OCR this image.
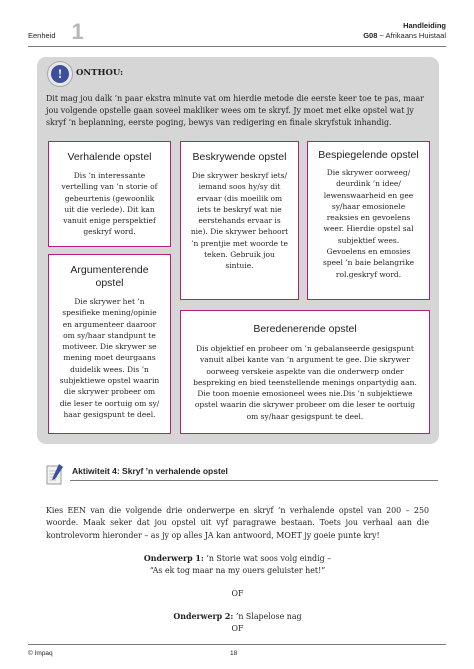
Eenheid 1	Handleiding
G08 ~ Afrikaans Huistaal
!	ONTHOU:
Dit mag jou dalk ’n paar ekstra minute vat om hierdie metode die eerste keer toe te pas, maar jou volgende opstelle gaan soveel makliker wees om te skryf. Jy moet met elke opstel wat jy skryf ’n beplanning, eerste poging, bewys van redigering en finale skryfstuk inhandig.
Verhalende opstel
Dis ’n interessante vertelling van ’n storie of gebeurtenis (gewoonlik uit die verlede). Dit kan vanuit enige perspektief geskryf word.
Beskrywende opstel
Die skrywer beskryf iets/ iemand soos hy/sy dit ervaar (dis moeilik om iets te beskryf wat nie eerstehands ervaar is nie). Die skrywer behoort ’n prentjie met woorde te teken. Gebruik jou sintuie.
Bespiegelende opstel
Die skrywer oorweeg/ deurdink ’n idee/ lewenswaarheid en gee sy/haar emosionele reaksies en gevoelens weer. Hierdie opstel sal subjektief wees. Gevoelens en emosies speel ’n baie belangrike rol.geskryf word.
Argumenterende opstel
Die skrywer het ’n spesifieke mening/opinie en argumenteer daaroor om sy/haar standpunt te motiveer. Die skrywer se mening moet deurgaans duidelik wees. Dis ’n subjektiewe opstel waarin die skrywer probeer om die leser te oortuig om sy/ haar gesigspunt te deel.
Beredenerende opstel
Dis objektief en probeer om ’n gebalanseerde gesigspunt vanuit albei kante van ’n argument te gee. Die skrywer oorweeg verskeie aspekte van die onderwerp onder bespreking en bied teenstellende menings onpartydig aan. Die toon moenie emosioneel wees nie.Dis ’n subjektiewe opstel waarin die skrywer probeer om die leser te oortuig om sy/haar gesigspunt te deel.
Aktiwiteit 4: Skryf ’n verhalende opstel
Kies EEN van die volgende drie onderwerpe en skryf ’n verhalende opstel van 200 – 250 woorde. Maak seker dat jou opstel uit vyf paragrawe bestaan. Toets jou verhaal aan die kontrolevorm hieronder – as jy op alles JA kan antwoord, MOET jy goeie punte kry!
Onderwerp 1: ’n Storie wat soos volg eindig –
“As ek tog maar na my ouers geluister het!”
OF
Onderwerp 2: ’n Slapelose nag
OF
© Impaq	18
